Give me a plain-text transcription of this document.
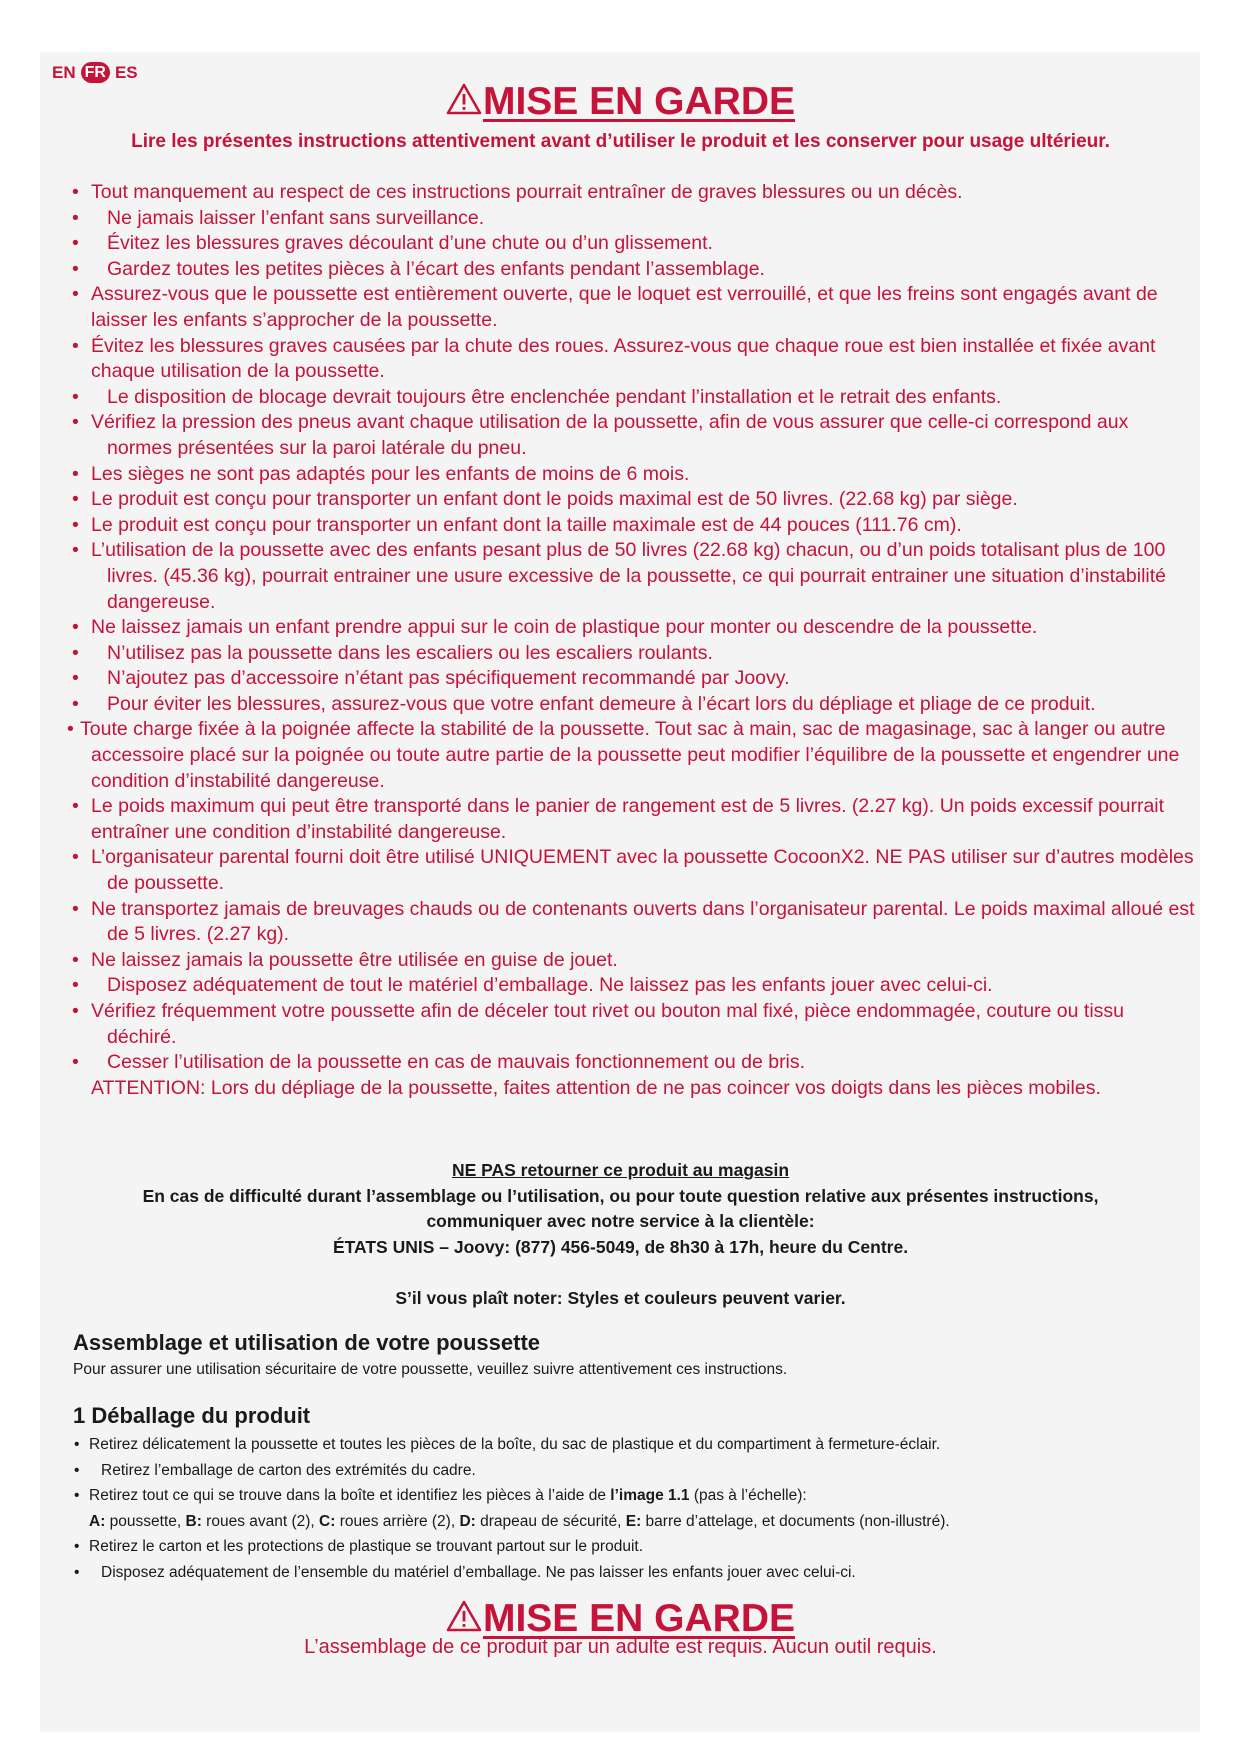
EN FR ES
MISE EN GARDE
Lire les présentes instructions attentivement avant d’utiliser le produit et les conserver pour usage ultérieur.
• Tout manquement au respect de ces instructions pourrait entraîner de graves blessures ou un décès.
• Ne jamais laisser l’enfant sans surveillance.
• Évitez les blessures graves découlant d’une chute ou d’un glissement.
• Gardez toutes les petites pièces à l’écart des enfants pendant l’assemblage.
• Assurez-vous que le poussette est entièrement ouverte, que le loquet est verrouillé, et que les freins sont engagés avant de laisser les enfants s’approcher de la poussette.
• Évitez les blessures graves causées par la chute des roues. Assurez-vous que chaque roue est bien installée et fixée avant chaque utilisation de la poussette.
• Le disposition de blocage devrait toujours être enclenchée pendant l’installation et le retrait des enfants.
• Vérifiez la pression des pneus avant chaque utilisation de la poussette, afin de vous assurer que celle-ci correspond aux normes présentées sur la paroi latérale du pneu.
• Les sièges ne sont pas adaptés pour les enfants de moins de 6 mois.
• Le produit est conçu pour transporter un enfant dont le poids maximal est de 50 livres. (22.68 kg) par siège.
• Le produit est conçu pour transporter un enfant dont la taille maximale est de 44 pouces (111.76 cm).
• L’utilisation de la poussette avec des enfants pesant plus de 50 livres (22.68 kg) chacun, ou d’un poids totalisant plus de 100 livres. (45.36 kg), pourrait entrainer une usure excessive de la poussette, ce qui pourrait entrainer une situation d’instabilité dangereuse.
• Ne laissez jamais un enfant prendre appui sur le coin de plastique pour monter ou descendre de la poussette.
• N’utilisez pas la poussette dans les escaliers ou les escaliers roulants.
• N’ajoutez pas d’accessoire n’étant pas spécifiquement recommandé par Joovy.
• Pour éviter les blessures, assurez-vous que votre enfant demeure à l’écart lors du dépliage et pliage de ce produit.
• Toute charge fixée à la poignée affecte la stabilité de la poussette. Tout sac à main, sac de magasinage, sac à langer ou autre accessoire placé sur la poignée ou toute autre partie de la poussette peut modifier l’équilibre de la poussette et engendrer une condition d’instabilité dangereuse.
• Le poids maximum qui peut être transporté dans le panier de rangement est de 5 livres. (2.27 kg). Un poids excessif pourrait entraîner une condition d’instabilité dangereuse.
• L’organisateur parental fourni doit être utilisé UNIQUEMENT avec la poussette CocoonX2. NE PAS utiliser sur d’autres modèles de poussette.
• Ne transportez jamais de breuvages chauds ou de contenants ouverts dans l’organisateur parental. Le poids maximal alloué est de 5 livres. (2.27 kg).
• Ne laissez jamais la poussette être utilisée en guise de jouet.
• Disposez adéquatement de tout le matériel d’emballage. Ne laissez pas les enfants jouer avec celui-ci.
• Vérifiez fréquemment votre poussette afin de déceler tout rivet ou bouton mal fixé, pièce endommagée, couture ou tissu déchiré.
• Cesser l’utilisation de la poussette en cas de mauvais fonctionnement ou de bris.
ATTENTION: Lors du dépliage de la poussette, faites attention de ne pas coincer vos doigts dans les pièces mobiles.
NE PAS retourner ce produit au magasin
En cas de difficulté durant l’assemblage ou l’utilisation, ou pour toute question relative aux présentes instructions,
communiquer avec notre service à la clientèle:
ÉTATS UNIS – Joovy: (877) 456-5049, de 8h30 à 17h, heure du Centre.
S’il vous plaît noter: Styles et couleurs peuvent varier.
Assemblage et utilisation de votre poussette
Pour assurer une utilisation sécuritaire de votre poussette, veuillez suivre attentivement ces instructions.
1 Déballage du produit
• Retirez délicatement la poussette et toutes les pièces de la boîte, du sac de plastique et du compartiment à fermeture-éclair.
• Retirez l’emballage de carton des extrémités du cadre.
• Retirez tout ce qui se trouve dans la boîte et identifiez les pièces à l’aide de l’image 1.1 (pas à l’échelle):
A: poussette, B: roues avant (2), C: roues arrière (2), D: drapeau de sécurité, E: barre d’attelage, et documents (non-illustré).
• Retirez le carton et les protections de plastique se trouvant partout sur le produit.
• Disposez adéquatement de l’ensemble du matériel d’emballage. Ne pas laisser les enfants jouer avec celui-ci.
MISE EN GARDE
L’assemblage de ce produit par un adulte est requis. Aucun outil requis.
